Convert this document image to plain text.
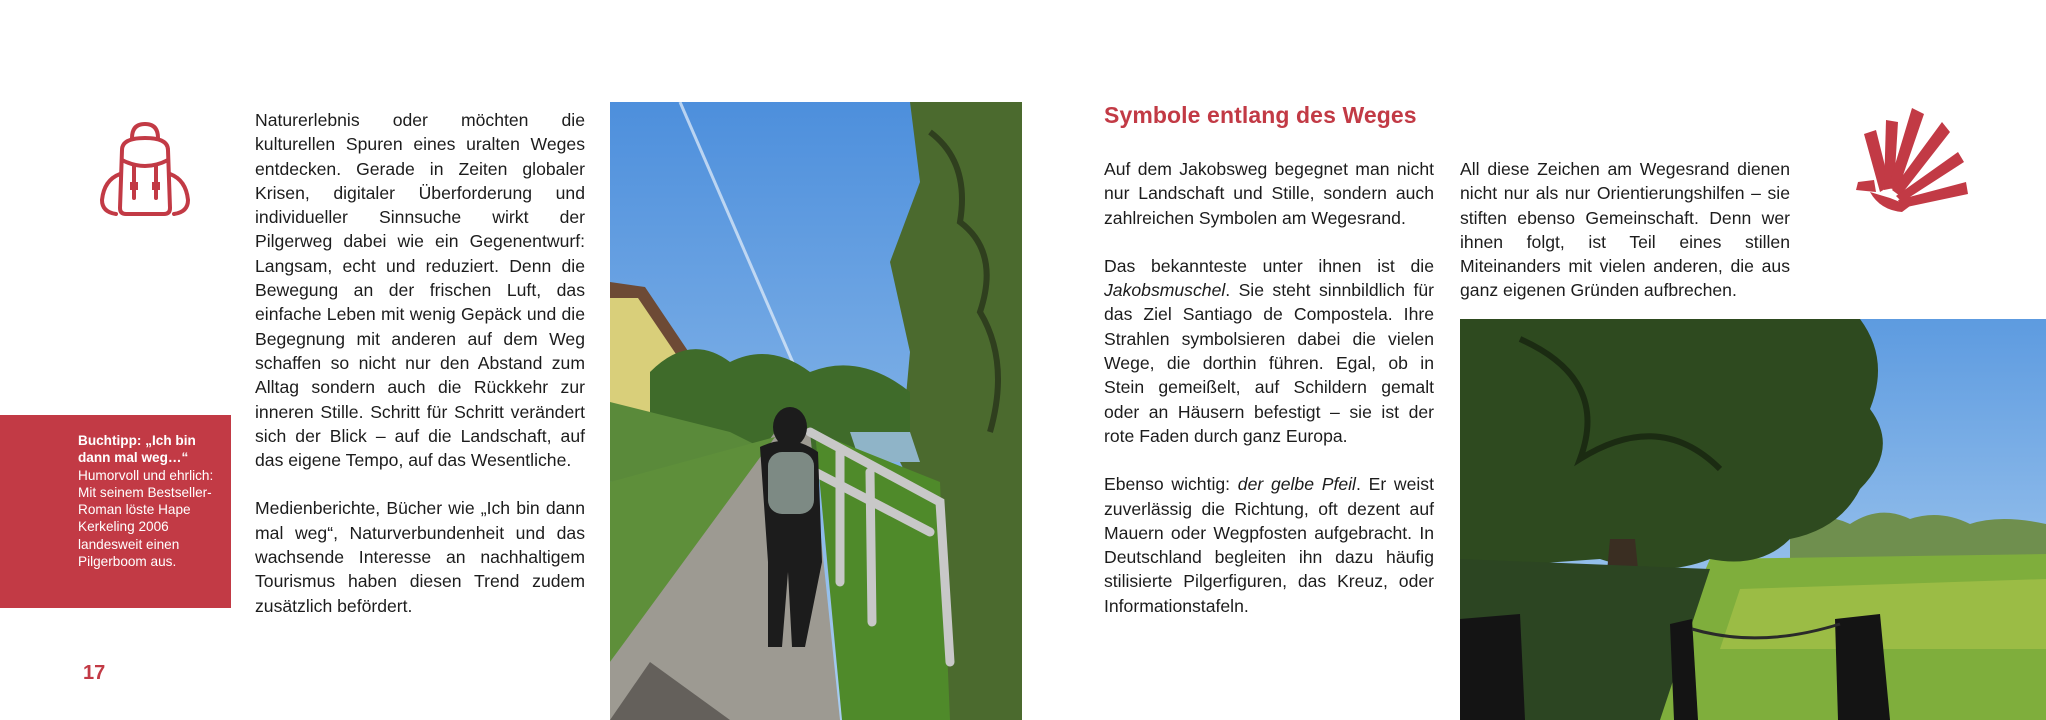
Naturerlebnis oder möchten die kulturellen Spuren eines uralten Weges entdecken. Gerade in Zeiten globaler Krisen, digitaler Überforderung und individueller Sinnsuche wirkt der Pilgerweg dabei wie ein Gegenentwurf: Langsam, echt und reduziert. Denn die Bewegung an der frischen Luft, das einfache Leben mit wenig Gepäck und die Begegnung mit anderen auf dem Weg schaffen so nicht nur den Abstand zum Alltag sondern auch die Rückkehr zur inneren Stille. Schritt für Schritt verändert sich der Blick – auf die Landschaft, auf das eigene Tempo, auf das Wesentliche.

Medienberichte, Bücher wie „Ich bin dann mal weg“, Naturverbundenheit und das wachsende Interesse an nachhaltigem Tourismus haben diesen Trend zudem zusätzlich befördert.

Buchtipp: „Ich bin dann mal weg…“
Humorvoll und ehrlich: Mit seinem Bestseller-Roman löste Hape Kerkeling 2006 landesweit einen Pilgerboom aus.
17
Symbole entlang des Weges

Auf dem Jakobsweg begegnet man nicht nur Landschaft und Stille, sondern auch zahlreichen Symbolen am Wegesrand.

Das bekannteste unter ihnen ist die Jakobsmuschel. Sie steht sinnbildlich für das Ziel Santiago de Compostela. Ihre Strahlen symbolsieren dabei die vielen Wege, die dorthin führen. Egal, ob in Stein gemeißelt, auf Schildern gemalt oder an Häusern befestigt – sie ist der rote Faden durch ganz Europa.

Ebenso wichtig: der gelbe Pfeil. Er weist zuverlässig die Richtung, oft dezent auf Mauern oder Wegpfosten aufgebracht. In Deutschland begleiten ihn dazu häufig stilisierte Pilgerfiguren, das Kreuz, oder Informationstafeln.

All diese Zeichen am Wegesrand dienen nicht nur als nur Orientierungshilfen – sie stiften ebenso Gemeinschaft. Denn wer ihnen folgt, ist Teil eines stillen Miteinanders mit vielen anderen, die aus ganz eigenen Gründen aufbrechen.
